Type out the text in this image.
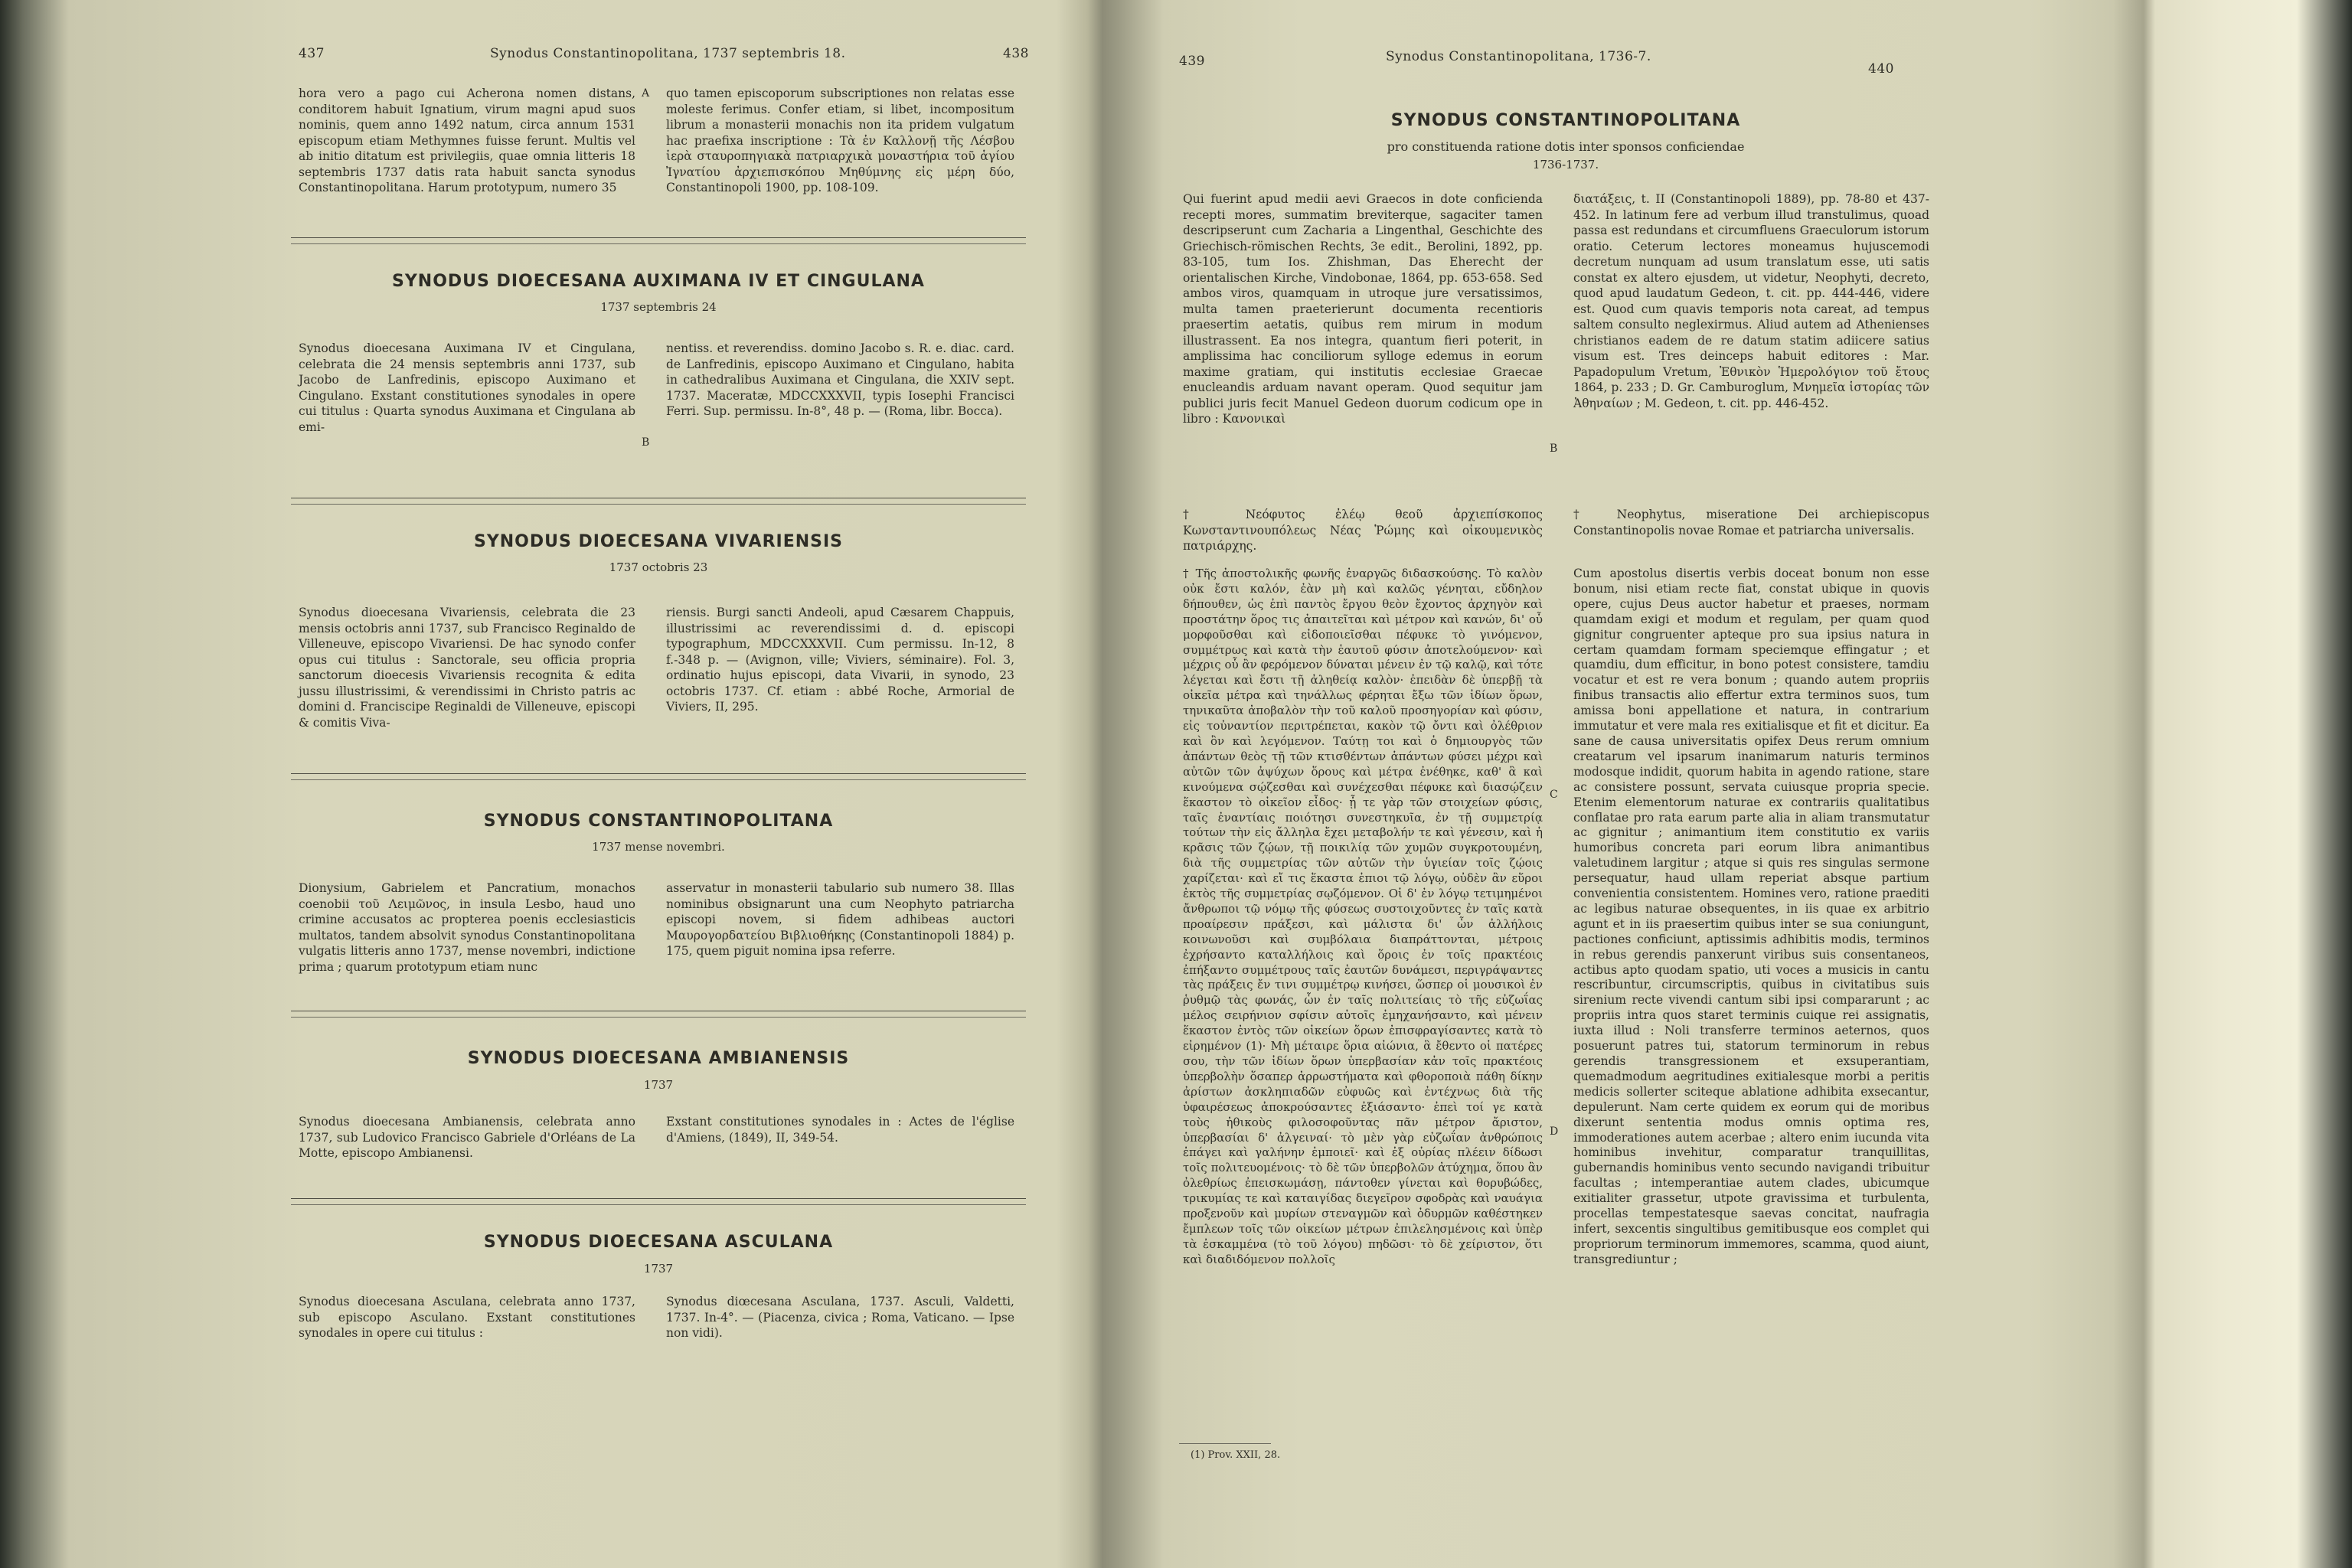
437	Synodus Constantinopolitana, 1737 septembris 18.	438
hora vero a pago cui Acherona nomen distans, conditorem habuit Ignatium, virum magni apud suos nominis, quem anno 1492 natum, circa annum 1531 episcopum etiam Methymnes fuisse ferunt. Multis vel ab initio ditatum est privilegiis, quae omnia litteris 18 septembris 1737 datis rata habuit sancta synodus Constantinopolitana. Harum prototypum, numero 35
quo tamen episcoporum subscriptiones non relatas esse moleste ferimus. Confer etiam, si libet, incompositum librum a monasterii monachis non ita pridem vulgatum hac praefixa inscriptione : Τὰ ἐν Καλλονῇ τῆς Λέσβου ἱερὰ σταυροπηγιακὰ πατριαρχικὰ μοναστήρια τοῦ ἁγίου Ἰγνατίου ἀρχιεπισκόπου Μηθύμνης εἰς μέρη δύο, Constantinopoli 1900, pp. 108-109.
A
SYNODUS DIOECESANA AUXIMANA IV ET CINGULANA
1737 septembris 24
Synodus dioecesana Auximana IV et Cingulana, celebrata die 24 mensis septembris anni 1737, sub Jacobo de Lanfredinis, episcopo Auximano et Cingulano. Exstant constitutiones synodales in opere cui titulus : Quarta synodus Auximana et Cingulana ab emi-
nentiss. et reverendiss. domino Jacobo s. R. e. diac. card. de Lanfredinis, episcopo Auximano et Cingulano, habita in cathedralibus Auximana et Cingulana, die XXIV sept. 1737. Maceratæ, MDCCXXXVII, typis Iosephi Francisci Ferri. Sup. permissu. In-8°, 48 p. — (Roma, libr. Bocca).
B
SYNODUS DIOECESANA VIVARIENSIS
1737 octobris 23
Synodus dioecesana Vivariensis, celebrata die 23 mensis octobris anni 1737, sub Francisco Reginaldo de Villeneuve, episcopo Vivariensi. De hac synodo confer opus cui titulus : Sanctorale, seu officia propria sanctorum dioecesis Vivariensis recognita & edita jussu illustrissimi, & verendissimi in Christo patris ac domini d. Francisciре Reginaldi de Villeneuve, episcopi & comitis Viva-
riensis. Burgi sancti Andeoli, apud Cæsarem Chappuis, illustrissimi ac reverendissimi d. d. episcopi typographum, MDCCXXXVII. Cum permissu. In-12, 8 f.-348 p. — (Avignon, ville; Viviers, séminaire). Fol. 3, ordinatio hujus episcopi, data Vivarii, in synodo, 23 octobris 1737. Cf. etiam : abbé Roche, Armorial de Viviers, II, 295.
SYNODUS CONSTANTINOPOLITANA
1737 mense novembri.
Dionysium, Gabrielem et Pancratium, monachos coenobii τοῦ Λειμῶνος, in insula Lesbo, haud uno crimine accusatos ac propterea poenis ecclesiasticis multatos, tandem absolvit synodus Constantinopolitana vulgatis litteris anno 1737, mense novembri, indictione prima ; quarum prototypum etiam nunc
asservatur in monasterii tabulario sub numero 38. Illas nominibus obsignarunt una cum Neophyto patriarcha episcopi novem, si fidem adhibeas auctori Μαυρογορδατείου Βιβλιοθήκης (Constantinopoli 1884) p. 175, quem piguit nomina ipsa referre.
SYNODUS DIOECESANA AMBIANENSIS
1737
Synodus dioecesana Ambianensis, celebrata anno 1737, sub Ludovico Francisco Gabriele d'Orléans de La Motte, episcopo Ambianensi.
Exstant constitutiones synodales in : Actes de l'église d'Amiens, (1849), II, 349-54.
SYNODUS DIOECESANA ASCULANA
1737
Synodus dioecesana Asculana, celebrata anno 1737, sub episcopo Asculano. Exstant constitutiones synodales in opere cui titulus :
Synodus diœcesana Asculana, 1737. Asculi, Valdetti, 1737. In-4°. — (Piacenza, civica ; Roma, Vaticano. — Ipse non vidi).
439	Synodus Constantinopolitana, 1736-7.
440
SYNODUS CONSTANTINOPOLITANA
pro constituenda ratione dotis inter sponsos conficiendae
1736-1737.
Qui fuerint apud medii aevi Graecos in dote conficienda recepti mores, summatim breviterque, sagaciter tamen descripserunt cum Zacharia a Lingenthal, Geschichte des Griechisch-römischen Rechts, 3e edit., Berolini, 1892, pp. 83-105, tum Ios. Zhishman, Das Eherecht der orientalischen Kirche, Vindobonae, 1864, pp. 653-658. Sed ambos viros, quamquam in utroque jure versatissimos, multa tamen praeterierunt documenta recentioris praesertim aetatis, quibus rem mirum in modum illustrassent. Ea nos integra, quantum fieri poterit, in amplissima hac conciliorum sylloge edemus in eorum maxime gratiam, qui institutis ecclesiae Graecae enucleandis arduam navant operam. Quod sequitur jam publici juris fecit Manuel Gedeon duorum codicum ope in libro : Κανονικαὶ
διατάξεις, t. II (Constantinopoli 1889), pp. 78-80 et 437-452. In latinum fere ad verbum illud transtulimus, quoad passa est redundans et circumfluens Graeculorum istorum oratio. Ceterum lectores moneamus hujuscemodi decretum nunquam ad usum translatum esse, uti satis constat ex altero ejusdem, ut videtur, Neophyti, decreto, quod apud laudatum Gedeon, t. cit. pp. 444-446, videre est. Quod cum quavis temporis nota careat, ad tempus saltem consulto neglexirmus. Aliud autem ad Athenienses christianos eadem de re datum statim adiicere satius visum est. Tres deinceps habuit editores : Mar. Papadopulum Vretum, Ἐθνικὸν Ἡμερολόγιον τοῦ ἔτους 1864, p. 233 ; D. Gr. Camburoglum, Μνημεῖα ἱστορίας τῶν Ἀθηναίων ; M. Gedeon, t. cit. pp. 446-452.
B
† Νεόφυτος ἐλέῳ θεοῦ ἀρχιεπίσκοπος Κωνσταντινουπόλεως Νέας Ῥώμης καὶ οἰκουμενικὸς πατριάρχης.
† Neophytus, miseratione Dei archiepiscopus Constantinopolis novae Romae et patriarcha universalis.
† Τῆς ἀποστολικῆς φωνῆς ἐναργῶς διδασκούσης. Τὸ καλὸν οὐκ ἔστι καλόν, ἐὰν μὴ καὶ καλῶς γένηται, εὔδηλον δήπουθεν, ὡς ἐπὶ παντὸς ἔργου θεὸν ἔχοντος ἀρχηγὸν καὶ προστάτην ὅρος τις ἀπαιτεῖται καὶ μέτρον καὶ κανών, δι' οὗ μορφοῦσθαι καὶ εἰδοποιεῖσθαι πέφυκε τὸ γινόμενον, συμμέτρως καὶ κατὰ τὴν ἑαυτοῦ φύσιν ἀποτελούμενον· καὶ μέχρις οὗ ἂν φερόμενον δύναται μένειν ἐν τῷ καλῷ, καὶ τότε λέγεται καὶ ἔστι τῇ ἀληθείᾳ καλὸν· ἐπειδὰν δὲ ὑπερβῇ τὰ οἰκεῖα μέτρα καὶ τηνάλλως φέρηται ἔξω τῶν ἰδίων ὅρων, τηνικαῦτα ἀποβαλὸν τὴν τοῦ καλοῦ προσηγορίαν καὶ φύσιν, εἰς τοὐναντίον περιτρέπεται, κακὸν τῷ ὄντι καὶ ὀλέθριον καὶ ὂν καὶ λεγόμενον. Ταύτῃ τοι καὶ ὁ δημιουργὸς τῶν ἁπάντων θεὸς τῇ τῶν κτισθέντων ἁπάντων φύσει μέχρι καὶ αὐτῶν τῶν ἀψύχων ὅρους καὶ μέτρα ἐνέθηκε, καθ' ἃ καὶ κινούμενα σῴζεσθαι καὶ συνέχεσθαι πέφυκε καὶ διασῴζειν ἕκαστον τὸ οἰκεῖον εἶδος· ᾗ τε γὰρ τῶν στοιχείων φύσις, ταῖς ἐναντίαις ποιότησι συνεστηκυῖα, ἐν τῇ συμμετρίᾳ τούτων τὴν εἰς ἄλληλα ἔχει μεταβολήν τε καὶ γένεσιν, καὶ ἡ κρᾶσις τῶν ζῴων, τῇ ποικιλίᾳ τῶν χυμῶν συγκροτουμένη, διὰ τῆς συμμετρίας τῶν αὐτῶν τὴν ὑγιείαν τοῖς ζῴοις χαρίζεται· καὶ εἴ τις ἕκαστα ἐπιοι τῷ λόγῳ, οὐδὲν ἂν εὕροι ἐκτὸς τῆς συμμετρίας σῳζόμενον. Οἱ δ' ἐν λόγῳ τετιμημένοι ἄνθρωποι τῷ νόμῳ τῆς φύσεως συστοιχοῦντες ἐν ταῖς κατὰ προαίρεσιν πράξεσι, καὶ μάλιστα δι' ὧν ἀλλήλοις κοινωνοῦσι καὶ συμβόλαια διαπράττονται, μέτροις ἐχρήσαντο καταλλήλοις καὶ ὅροις ἐν τοῖς πρακτέοις ἐπήξαντο συμμέτρους ταῖς ἑαυτῶν δυνάμεσι, περιγράψαντες τὰς πράξεις ἔν τινι συμμέτρῳ κινήσει, ὥσπερ οἱ μουσικοὶ ἐν ῥυθμῷ τὰς φωνάς, ὧν ἐν ταῖς πολιτείαις τὸ τῆς εὐζωΐας μέλος σειρήνιον σφίσιν αὐτοῖς ἐμηχανήσαντο, καὶ μένειν ἕκαστον ἐντὸς τῶν οἰκείων ὅρων ἐπισφραγίσαντες κατὰ τὸ εἰρημένον (1)· Μὴ μέταιρε ὅρια αἰώνια, ἃ ἔθεντο οἱ πατέρες σου, τὴν τῶν ἰδίων ὅρων ὑπερβασίαν κἀν τοῖς πρακτέοις ὑπερβολὴν ὅσαπερ ἀρρωστήματα καὶ φθοροποιὰ πάθη δίκην ἀρίστων ἀσκληπιαδῶν εὐφυῶς καὶ ἐντέχνως διὰ τῆς ὑφαιρέσεως ἀποκρούσαντες ἐξιάσαντο· ἐπεὶ τοί γε κατὰ τοὺς ἠθικοὺς φιλοσοφοῦντας πᾶν μέτρον ἄριστον, ὑπερβασίαι δ' ἀλγειναί· τὸ μὲν γὰρ εὐζωΐαν ἀνθρώποις ἐπάγει καὶ γαλήνην ἐμποιεῖ· καὶ ἐξ οὐρίας πλέειν δίδωσι τοῖς πολιτευομένοις· τὸ δὲ τῶν ὑπερβολῶν ἀτύχημα, ὅπου ἂν ὀλεθρίως ἐπεισκωμάσῃ, πάντοθεν γίνεται καὶ θορυβώδες, τρικυμίας τε καὶ καταιγίδας διεγεῖρον σφοδρὰς καὶ ναυάγια προξενοῦν καὶ μυρίων στεναγμῶν καὶ ὀδυρμῶν καθέστηκεν ἔμπλεων τοῖς τῶν οἰκείων μέτρων ἐπιλελησμένοις καὶ ὑπὲρ τὰ ἐσκαμμένα (τὸ τοῦ λόγου) πηδῶσι· τὸ δὲ χείριστον, ὅτι καὶ διαδιδόμενον πολλοῖς
Cum apostolus disertis verbis doceat bonum non esse bonum, nisi etiam recte fiat, constat ubique in quovis opere, cujus Deus auctor habetur et praeses, normam quamdam exigi et modum et regulam, per quam quod gignitur congruenter apteque pro sua ipsius natura in certam quamdam formam speciemque effingatur ; et quamdiu, dum efficitur, in bono potest consistere, tamdiu vocatur et est re vera bonum ; quando autem propriis finibus transactis alio effertur extra terminos suos, tum amissa boni appellatione et natura, in contrarium immutatur et vere mala res exitialisque et fit et dicitur. Ea sane de causa universitatis opifex Deus rerum omnium creatarum vel ipsarum inanimarum naturis terminos modosque indidit, quorum habita in agendo ratione, stare ac consistere possunt, servata cuiusque propria specie. Etenim elementorum naturae ex contrariis qualitatibus conflatae pro rata earum parte alia in aliam transmutatur ac gignitur ; animantium item constitutio ex variis humoribus concreta pari eorum libra animantibus valetudinem largitur ; atque si quis res singulas sermone persequatur, haud ullam reperiat absque partium convenientia consistentem. Homines vero, ratione praediti ac legibus naturae obsequentes, in iis quae ex arbitrio agunt et in iis praesertim quibus inter se sua coniungunt, pactiones conficiunt, aptissimis adhibitis modis, terminos in rebus gerendis panxerunt viribus suis consentaneos, actibus apto quodam spatio, uti voces a musicis in cantu rescribuntur, circumscriptis, quibus in civitatibus suis sirenium recte vivendi cantum sibi ipsi compararunt ; ac propriis intra quos staret terminis cuique rei assignatis, iuxta illud : Noli transferre terminos aeternos, quos posuerunt patres tui, statorum terminorum in rebus gerendis transgressionem et exsuperantiam, quemadmodum aegritudines exitialesque morbi a peritis medicis sollerter sciteque ablatione adhibita exsecantur, depulerunt. Nam certe quidem ex eorum qui de moribus dixerunt sententia modus omnis optima res, immoderationes autem acerbae ; altero enim iucunda vita hominibus invehitur, comparatur tranquillitas, gubernandis hominibus vento secundo navigandi tribuitur facultas ; intemperantiae autem clades, ubicumque exitialiter grassetur, utpote gravissima et turbulenta, procellas tempestatesque saevas concitat, naufragia infert, sexcentis singultibus gemitibusque eos complet qui propriorum terminorum immemores, scamma, quod aiunt, transgrediuntur ;
C
D
(1) Prov. XXII, 28.
